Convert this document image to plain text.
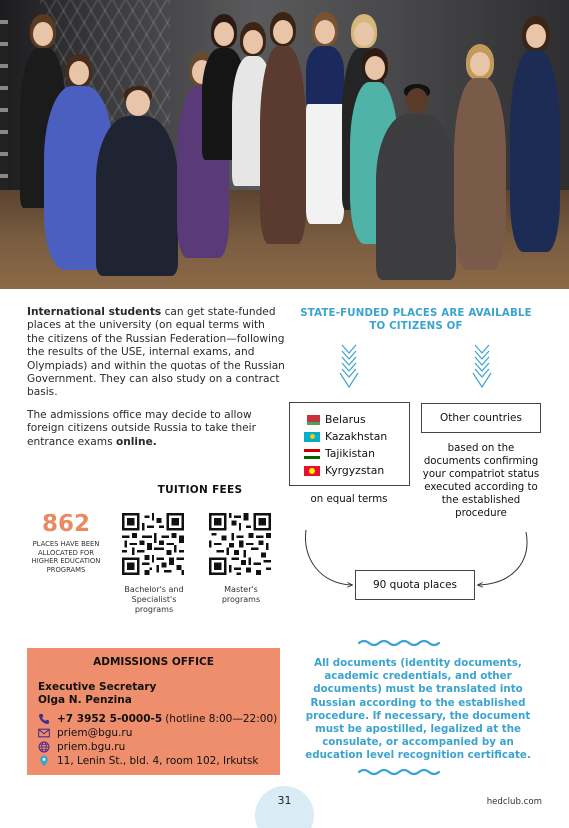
International students can get state-funded places at the university (on equal terms with the citizens of the Russian Federation—following the results of the USE, internal exams, and Olympiads) and within the quotas of the Russian Government. They can also study on a contract basis.

The admissions office may decide to allow foreign citizens outside Russia to take their entrance exams online.

TUITION FEES
862
PLACES HAVE BEEN ALLOCATED FOR HIGHER EDUCATION PROGRAMS
Bachelor's and Specialist's programs
Master's programs
ADMISSIONS OFFICE
Executive Secretary
Olga N. Penzina
+7 3952 5-0000-5 (hotline 8:00—22:00)
priem@bgu.ru
priem.bgu.ru
11, Lenin St., bld. 4, room 102, Irkutsk
STATE-FUNDED PLACES ARE AVAILABLE TO CITIZENS OF
Belarus
Kazakhstan
Tajikistan
Kyrgyzstan
Other countries
on equal terms
based on the documents confirming your compatriot status executed according to the established procedure
90 quota places
All documents (identity documents, academic credentials, and other documents) must be translated into Russian according to the established procedure. If necessary, the document must be apostilled, legalized at the consulate, or accompanied by an education level recognition certificate.
31	hedclub.com
